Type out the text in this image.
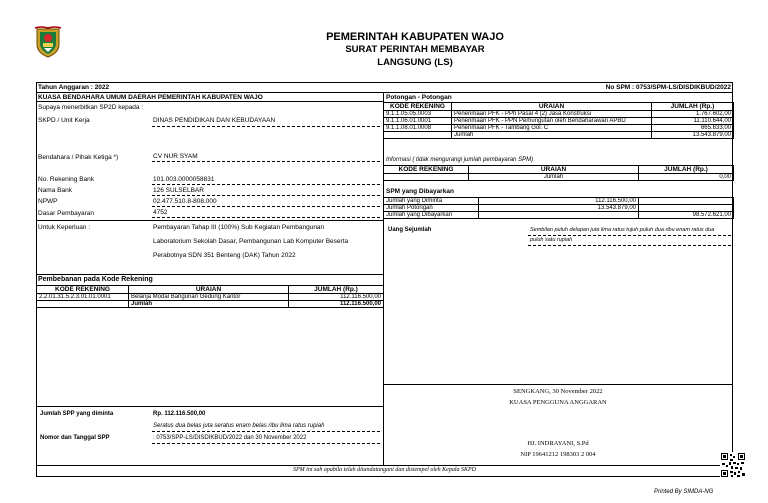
PEMERINTAH KABUPATEN WAJO
SURAT PERINTAH MEMBAYAR
LANGSUNG (LS)
Tahun Anggaran : 2022	No SPM : 0753/SPM-LS/DISDIKBUD/2022
KUASA BENDAHARA UMUM DAERAH PEMERINTAH KABUPATEN WAJO
Supaya menerbitkan SP2D kepada :
SKPD / Unit Kerja	DINAS PENDIDIKAN DAN KEBUDAYAAN
Bendahara / Pihak Ketiga *)	CV NUR SYAM
No. Rekening Bank	101.003.0000058831
Nama Bank	126 SULSELBAR
NPWP	02.477.510.8-808.000
Dasar Pembayaran	4752
Untuk Keperluan :	Pembayaran Tahap III (100%) Sub Kegiatan Pembangunan
Laboratorium Sekolah Dasar, Pembangunan Lab Komputer Beserta
Perabotnya SDN 351 Benteng (DAK) Tahun 2022
Pembebanan pada Kode Rekening
KODE REKENING	URAIAN	JUMLAH (Rp.)
2.2.01.31.5.2.3.01.01.0001	Belanja Modal Bangunan Gedung Kantor	112.116.500,00
	Jumlah	112.116.500,00
Jumlah SPP yang diminta	Rp. 112.116.500,00
Seratus dua belas juta seratus enam belas ribu lima ratus rupiah
Nomor dan Tanggal SPP	: 0753/SPP-LS/DISDIKBUD/2022 dan 30 November 2022
Potongan - Potongan
KODE REKENING	URAIAN	JUMLAH (Rp.)
9.1.1.05.05.0003	Penerimaan PFK - PPh Pasal 4 (2) Jasa Konstruksi	1.767.602,00
9.1.1.06.01.0001	Penerimaan PFK - PPN Pemungutan oleh Bendaharawan APBD	11.110.644,00
9.1.1.08.01.0008	Penerimaan PFK - Tambang Gol. C	665.633,00
	Jumlah	13.543.879,00
Informasi ( tidak mengurangi jumlah pembayaran SPM)
KODE REKENING	URAIAN	JUMLAH (Rp.)
	Jumlah	0,00
SPM yang Dibayarkan
Jumlah yang Diminta	112.116.500,00	
Jumlah Potongan	13.543.879,00	
Jumlah yang Dibayarkan		98.572.621,00
Uang Sejumlah	Sembilan puluh delapan juta lima ratus tujuh puluh dua ribu enam ratus dua
puluh satu rupiah
SENGKANG, 30 November 2022
KUASA PENGGUNA ANGGARAN
HJ. INDRAYANI, S.Pd
NIP 19641212 198303 2 004
SPM ini sah apabila telah ditandatangani dan distempel oleh Kepala SKPD
Printed By SIMDA-NG
